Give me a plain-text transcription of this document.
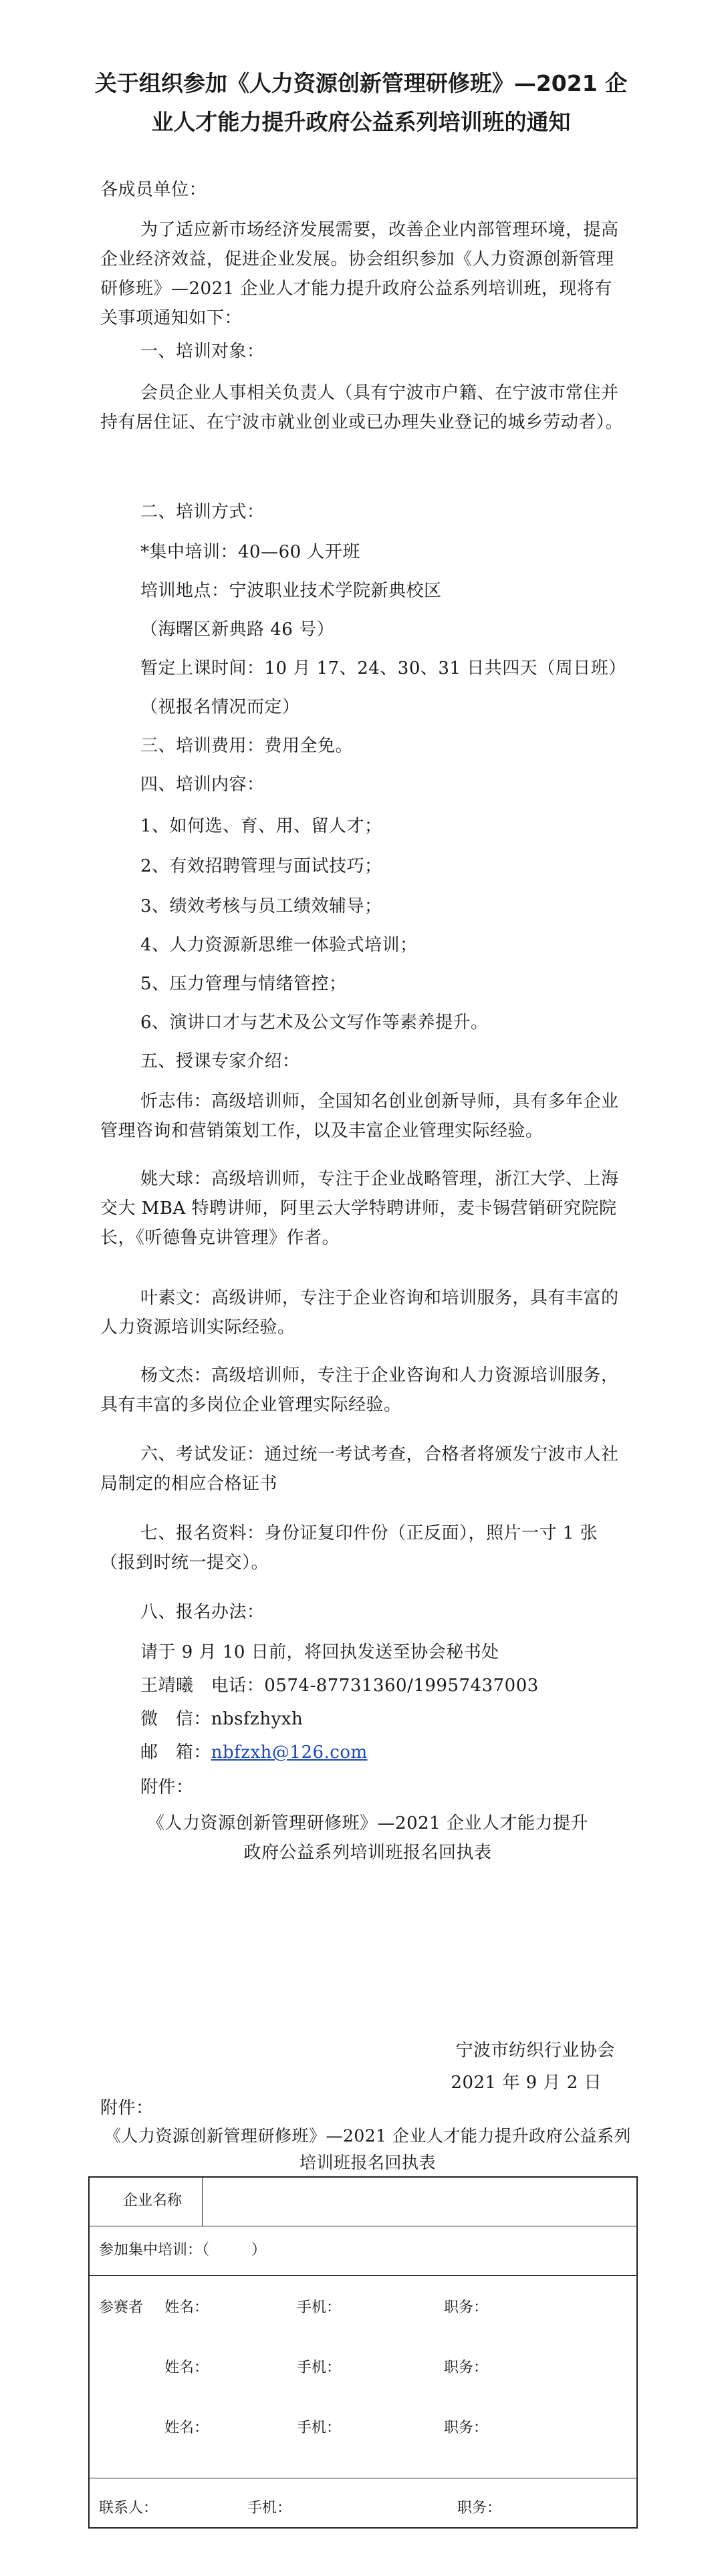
关于组织参加《人力资源创新管理研修班》—2021 企业人才能力提升政府公益系列培训班的通知
各成员单位：
为了适应新市场经济发展需要，改善企业内部管理环境，提高企业经济效益，促进企业发展。协会组织参加《人力资源创新管理研修班》—2021 企业人才能力提升政府公益系列培训班，现将有关事项通知如下：
一、培训对象：
会员企业人事相关负责人（具有宁波市户籍、在宁波市常住并持有居住证、在宁波市就业创业或已办理失业登记的城乡劳动者）。
二、培训方式：
*集中培训：40—60 人开班
培训地点：宁波职业技术学院新典校区
（海曙区新典路 46 号）
暂定上课时间：10 月 17、24、30、31 日共四天（周日班）
（视报名情况而定）
三、培训费用：费用全免。
四、培训内容：
1、如何选、育、用、留人才；
2、有效招聘管理与面试技巧；
3、绩效考核与员工绩效辅导；
4、人力资源新思维一体验式培训；
5、压力管理与情绪管控；
6、演讲口才与艺术及公文写作等素养提升。
五、授课专家介绍：
忻志伟：高级培训师，全国知名创业创新导师，具有多年企业管理咨询和营销策划工作，以及丰富企业管理实际经验。
姚大球：高级培训师，专注于企业战略管理，浙江大学、上海交大 MBA 特聘讲师，阿里云大学特聘讲师，麦卡锡营销研究院院长，《听德鲁克讲管理》作者。
叶素文：高级讲师，专注于企业咨询和培训服务，具有丰富的人力资源培训实际经验。
杨文杰：高级培训师，专注于企业咨询和人力资源培训服务，具有丰富的多岗位企业管理实际经验。
六、考试发证：通过统一考试考查，合格者将颁发宁波市人社局制定的相应合格证书
七、报名资料：身份证复印件份（正反面），照片一寸 1 张（报到时统一提交）。
八、报名办法：
请于 9 月 10 日前，将回执发送至协会秘书处
王靖曦   电话：0574-87731360/19957437003
微   信：nbsfzhyxh
邮   箱：nbfzxh@126.com
附件：
《人力资源创新管理研修班》—2021 企业人才能力提升政府公益系列培训班报名回执表
宁波市纺织行业协会
2021 年 9 月 2 日
附件：
《人力资源创新管理研修班》—2021 企业人才能力提升政府公益系列培训班报名回执表
企业名称
参加集中培训：（         ）
参赛者 姓名：	手机：	职务：
姓名：	手机：	职务：
姓名：	手机：	职务：
联系人：	手机：	职务：
